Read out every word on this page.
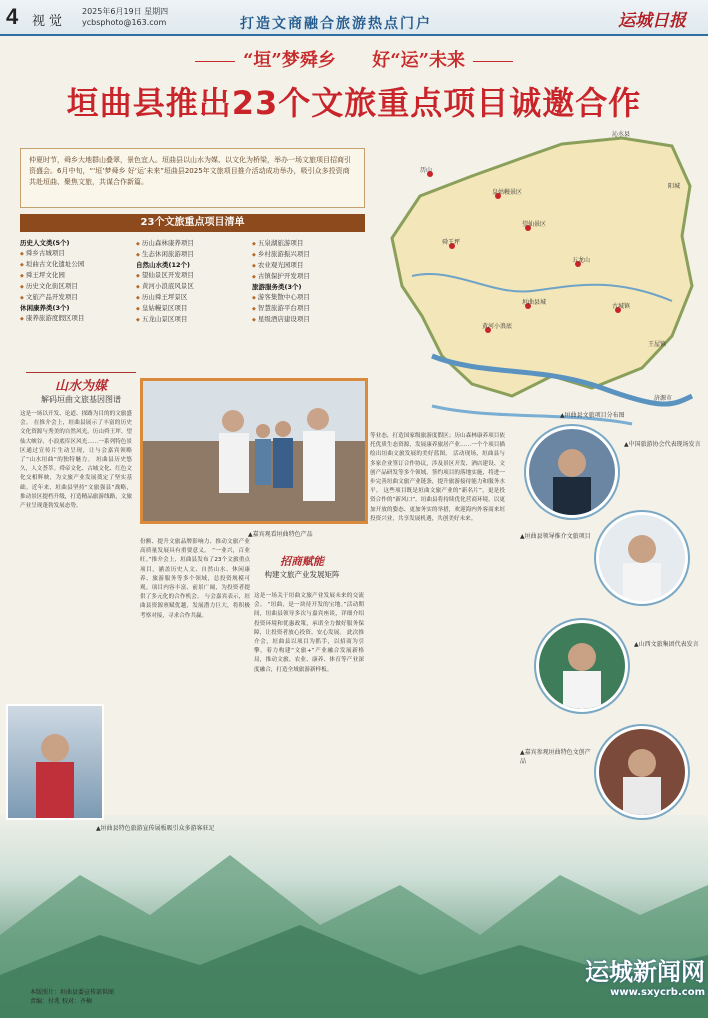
4 视觉
2025年6月19日 星期四
ycbsphoto@163.com	打造文商融合旅游热点门户	运城日报
“垣”梦舜乡 好“运”未来
垣曲县推出23个文旅重点项目诚邀合作
仲夏时节，舜乡大地群山叠翠，景色宜人。垣曲县以山水为媒、以文化为桥梁，举办一场文旅项目招商引资盛会。6月中旬，“‘垣’梦舜乡 好‘运’未来”垣曲县2025年文旅项目推介活动成功举办，吸引众多投资商共赴垣曲、聚焦文旅，共谋合作新篇。
历山
皇姑幔景区
望仙景区
舜王坪
五龙山
黄河小浪底
垣曲县城
古城镇
阳城
沁水县
王屋镇
济源市
▲垣曲县文旅项目分布图
23个文旅重点项目清单
历史人文类(5个)
◆ 舜乡古城项目
◆ 垣曲古文化遗址公园
◆ 舜王坪文化园
◆ 历史文化街区项目
◆ 文旅产品开发项目
休闲康养类(3个)
◆ 康养旅游度假区项目
◆ 历山森林康养项目
◆ 生态休闲旅游项目
自然山水类(12个)
◆ 望仙景区开发项目
◆ 黄河小浪底风景区
◆ 历山舜王坪景区
◆ 皇姑幔景区项目
◆ 五龙山景区项目
◆ 五泉湖旅游项目
◆ 乡村旅游振兴项目
◆ 农业观光园项目
◆ 古镇保护开发项目
旅游服务类(3个)
◆ 游客集散中心项目
◆ 智慧旅游平台项目
◆ 星级酒店建设项目
山水为媒
解码垣曲文旅基因图谱
▲嘉宾观看垣曲特色产品
这是一场以开发、论道、探路为目的的文旅盛会。 在推介会上，垣曲县展示了丰富的历史文化资源与秀美的自然风光。历山舜王坪、望仙大峡谷、小浪底库区风光……一系列特色景区通过宣传片生动呈现，让与会嘉宾领略了“山水垣曲”的独特魅力。 垣曲县历史悠久，人文荟萃。舜帝文化、古城文化、红色文化交相辉映，为文旅产业发展奠定了坚实基础。近年来，垣曲县坚持“文旅强县”战略，推动景区提档升级，打造精品旅游线路，文旅产业呈现蓬勃发展态势。
份额、提升文旅品牌影响力、推动文旅产业高质量发展具有重要意义。 “一业兴，百业旺。”推介会上，垣曲县发布了23个文旅重点项目，涵盖历史人文、自然山水、休闲康养、旅游服务等多个领域，总投资规模可观。项目内容丰富、前景广阔，为投资者提供了多元化的合作机会。 与会嘉宾表示，垣曲县资源禀赋优越，发展潜力巨大，将积极考察对接，寻求合作共赢。
招商赋能
构建文旅产业发展矩阵
这是一场关于垣曲文旅产业发展未来的交流会。 “垣曲，是一块待开发的宝地。”活动期间，垣曲县领导多次与嘉宾座谈，详细介绍投资环境和优惠政策，承诺全力做好服务保障，让投资者放心投资、安心发展。 此次推介会，垣曲县以项目为抓手，以招商为引擎，着力构建“文旅+”产业融合发展新格局，推动文旅、农业、康养、体育等产业深度融合，打造全域旅游新样板。
等业态，打造国家级旅游度假区；历山森林康养项目依托优质生态资源，发展康养旅居产业……一个个项目描绘出垣曲文旅发展的美好蓝图。 活动现场，垣曲县与多家企业签订合作协议，涉及景区开发、酒店建设、文创产品研发等多个领域。签约项目的落地实施，将进一步完善垣曲文旅产业链条，提升旅游接待能力和服务水平。 这些项目既是垣曲文旅产业的“新名片”，更是投资合作的“新风口”。垣曲县将持续优化营商环境，以更加开放的姿态、更加务实的举措，欢迎海内外客商来垣投资兴业，共享发展机遇，共创美好未来。
▲垣曲县特色旅游宣传展板吸引众多游客驻足
▲中国旅游协会代表现场发言
▲垣曲县领导推介文旅项目
▲山西文旅集团代表发言
▲嘉宾参观垣曲特色文创产品
本版照片：垣曲县委宣传部供图
责编：付兆 校对：齐楠
运城新闻网
www.sxycrb.com
